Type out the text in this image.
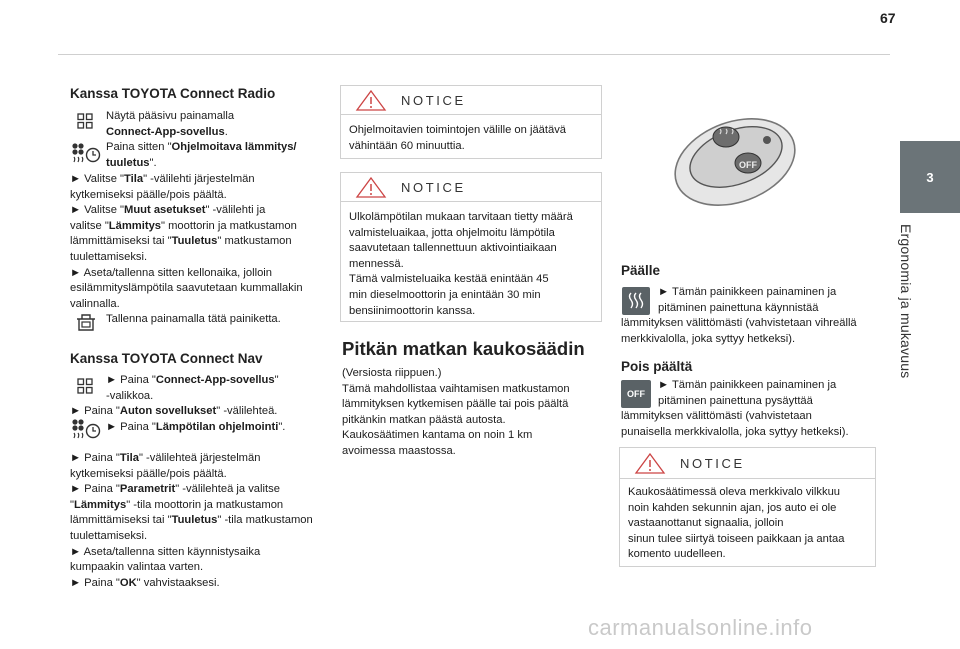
67
3
Ergonomia ja mukavuus
Kanssa TOYOTA Connect Radio
Näytä pääsivu painamalla
Connect-App-sovellus.
Paina sitten "Ohjelmoitava lämmitys/
tuuletus".
► Valitse "Tila" -välilehti järjestelmän
kytkemiseksi päälle/pois päältä.
► Valitse "Muut asetukset" -välilehti ja
valitse "Lämmitys" moottorin ja matkustamon
lämmittämiseksi tai "Tuuletus" matkustamon
tuulettamiseksi.
► Aseta/tallenna sitten kellonaika, jolloin
esilämmityslämpötila saavutetaan kummallakin
valinnalla.
Tallenna painamalla tätä painiketta.
Kanssa TOYOTA Connect Nav
► Paina "Connect-App-sovellus"
-valikkoa.
► Paina "Auton sovellukset" -välilehteä.
► Paina "Lämpötilan ohjelmointi".
► Paina "Tila" -välilehteä järjestelmän
kytkemiseksi päälle/pois päältä.
► Paina "Parametrit" -välilehteä ja valitse
"Lämmitys" -tila moottorin ja matkustamon
lämmittämiseksi tai "Tuuletus" -tila matkustamon
tuulettamiseksi.
► Aseta/tallenna sitten käynnistysaika
kumpaakin valintaa varten.
► Paina "OK" vahvistaaksesi.
NOTICE
Ohjelmoitavien toimintojen välille on jäätävä
vähintään 60 minuuttia.
NOTICE
Ulkolämpötilan mukaan tarvitaan tietty määrä
valmisteluaikaa, jotta ohjelmoitu lämpötila
saavutetaan tallennettuun aktivointiaikaan
mennessä.
Tämä valmisteluaika kestää enintään 45
min dieselmoottorin ja enintään 30 min
bensiinimoottorin kanssa.
Pitkän matkan kaukosäädin
(Versiosta riippuen.)
Tämä mahdollistaa vaihtamisen matkustamon
lämmityksen kytkemisen päälle tai pois päältä
pitkänkin matkan päästä autosta.
Kaukosäätimen kantama on noin 1 km
avoimessa maastossa.
OFF
Päälle
► Tämän painikkeen painaminen ja
pitäminen painettuna käynnistää
lämmityksen välittömästi (vahvistetaan vihreällä
merkkivalolla, joka syttyy hetkeksi).
Pois päältä
OFF
► Tämän painikkeen painaminen ja
pitäminen painettuna pysäyttää
lämmityksen välittömästi (vahvistetaan
punaisella merkkivalolla, joka syttyy hetkeksi).
NOTICE
Kaukosäätimessä oleva merkkivalo vilkkuu
noin kahden sekunnin ajan, jos auto ei ole
vastaanottanut signaalia, jolloin
sinun tulee siirtyä toiseen paikkaan ja antaa
komento uudelleen.
carmanualsonline.info
